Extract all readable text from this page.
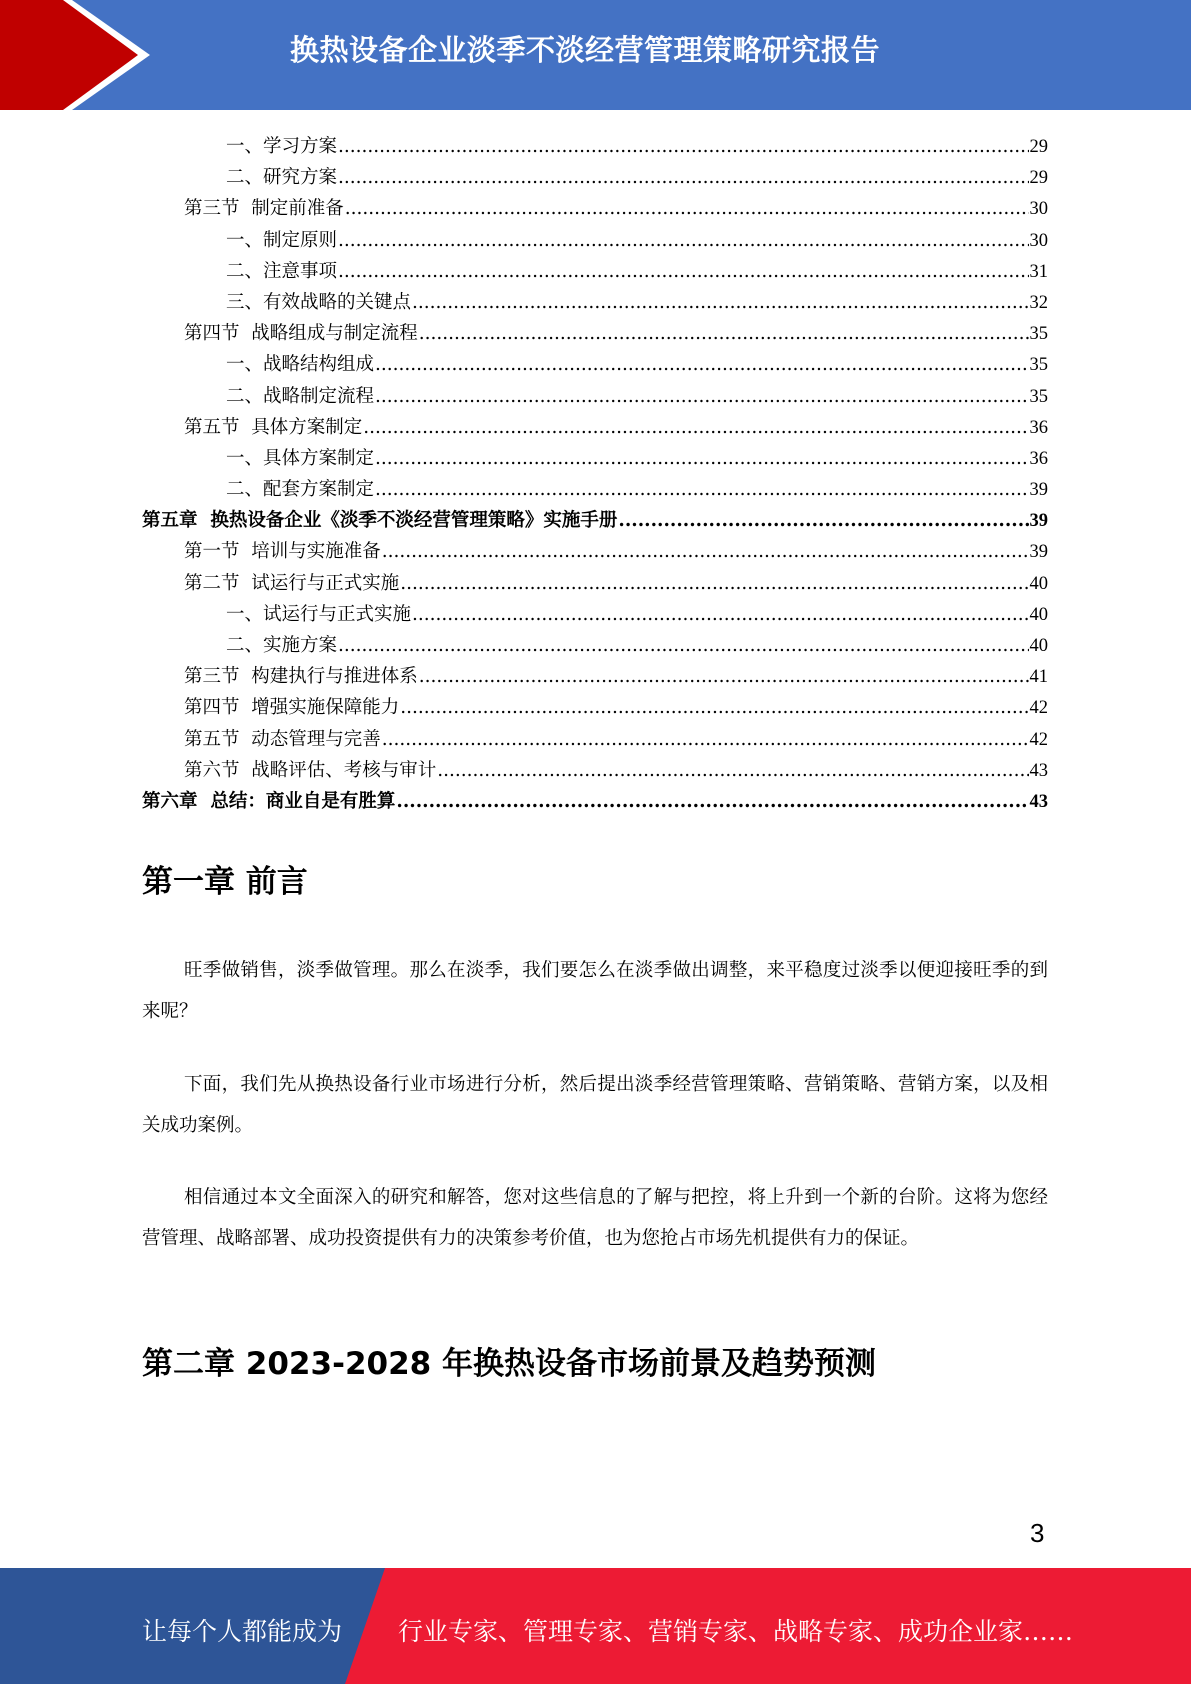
换热设备企业淡季不淡经营管理策略研究报告
一、学习方案 .....	29
二、研究方案 .....	29
第三节  制定前准备 .....	30
一、制定原则 .....	30
二、注意事项 .....	31
三、有效战略的关键点 .....	32
第四节  战略组成与制定流程 .....	35
一、战略结构组成 .....	35
二、战略制定流程 .....	35
第五节  具体方案制定 .....	36
一、具体方案制定 .....	36
二、配套方案制定 .....	39
第五章  换热设备企业《淡季不淡经营管理策略》实施手册 .....	39
第一节  培训与实施准备 .....	39
第二节  试运行与正式实施 .....	40
一、试运行与正式实施 .....	40
二、实施方案 .....	40
第三节  构建执行与推进体系 .....	41
第四节  增强实施保障能力 .....	42
第五节  动态管理与完善 .....	42
第六节  战略评估、考核与审计 .....	43
第六章  总结：商业自是有胜算 .....	43
第一章 前言
旺季做销售，淡季做管理。那么在淡季，我们要怎么在淡季做出调整，来平稳度过淡季以便迎接旺季的到来呢？
下面，我们先从换热设备行业市场进行分析，然后提出淡季经营管理策略、营销策略、营销方案，以及相关成功案例。
相信通过本文全面深入的研究和解答，您对这些信息的了解与把控，将上升到一个新的台阶。这将为您经营管理、战略部署、成功投资提供有力的决策参考价值，也为您抢占市场先机提供有力的保证。
第二章 2023-2028 年换热设备市场前景及趋势预测
3
让每个人都能成为 行业专家、管理专家、营销专家、战略专家、成功企业家……
